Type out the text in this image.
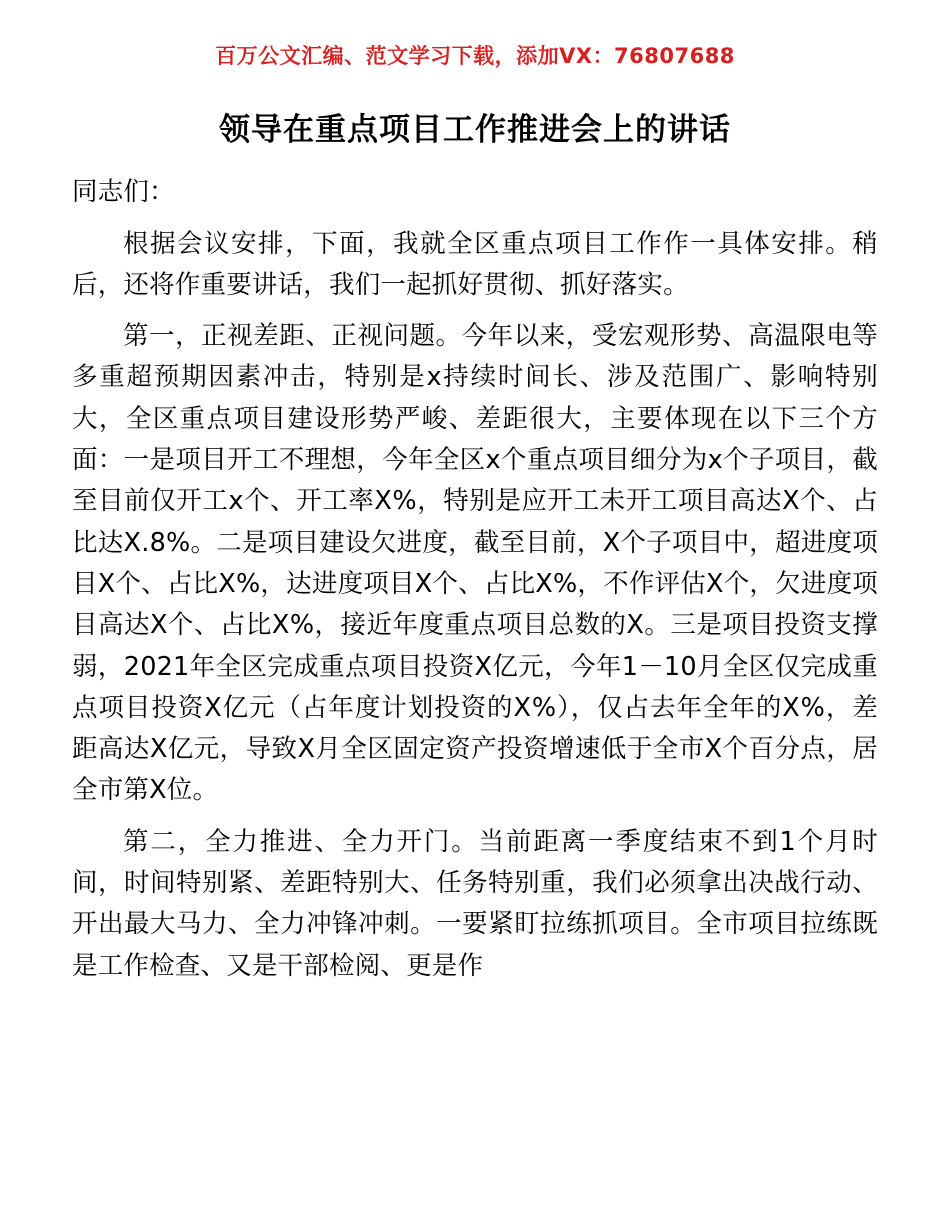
百万公文汇编、范文学习下载，添加VX：76807688
领导在重点项目工作推进会上的讲话

同志们：

根据会议安排，下面，我就全区重点项目工作作一具体安排。稍后，还将作重要讲话，我们一起抓好贯彻、抓好落实。

第一，正视差距、正视问题。今年以来，受宏观形势、高温限电等多重超预期因素冲击，特别是ⅹ持续时间长、涉及范围广、影响特别大，全区重点项目建设形势严峻、差距很大，主要体现在以下三个方面：一是项目开工不理想，今年全区ⅹ个重点项目细分为ⅹ个子项目，截至目前仅开工ⅹ个、开工率Ⅹ%，特别是应开工未开工项目高达Ⅹ个、占比达Ⅹ.8%。二是项目建设欠进度，截至目前，Ⅹ个子项目中，超进度项目Ⅹ个、占比Ⅹ%，达进度项目Ⅹ个、占比Ⅹ%，不作评估Ⅹ个，欠进度项目高达Ⅹ个、占比Ⅹ%，接近年度重点项目总数的Ⅹ。三是项目投资支撑弱，2021年全区完成重点项目投资Ⅹ亿元，今年1－10月全区仅完成重点项目投资Ⅹ亿元（占年度计划投资的Ⅹ%），仅占去年全年的Ⅹ%，差距高达Ⅹ亿元，导致Ⅹ月全区固定资产投资增速低于全市Ⅹ个百分点，居全市第Ⅹ位。

第二，全力推进、全力开门。当前距离一季度结束不到1个月时间，时间特别紧、差距特别大、任务特别重，我们必须拿出决战行动、开出最大马力、全力冲锋冲刺。一要紧盯拉练抓项目。全市项目拉练既是工作检查、又是干部检阅、更是作
